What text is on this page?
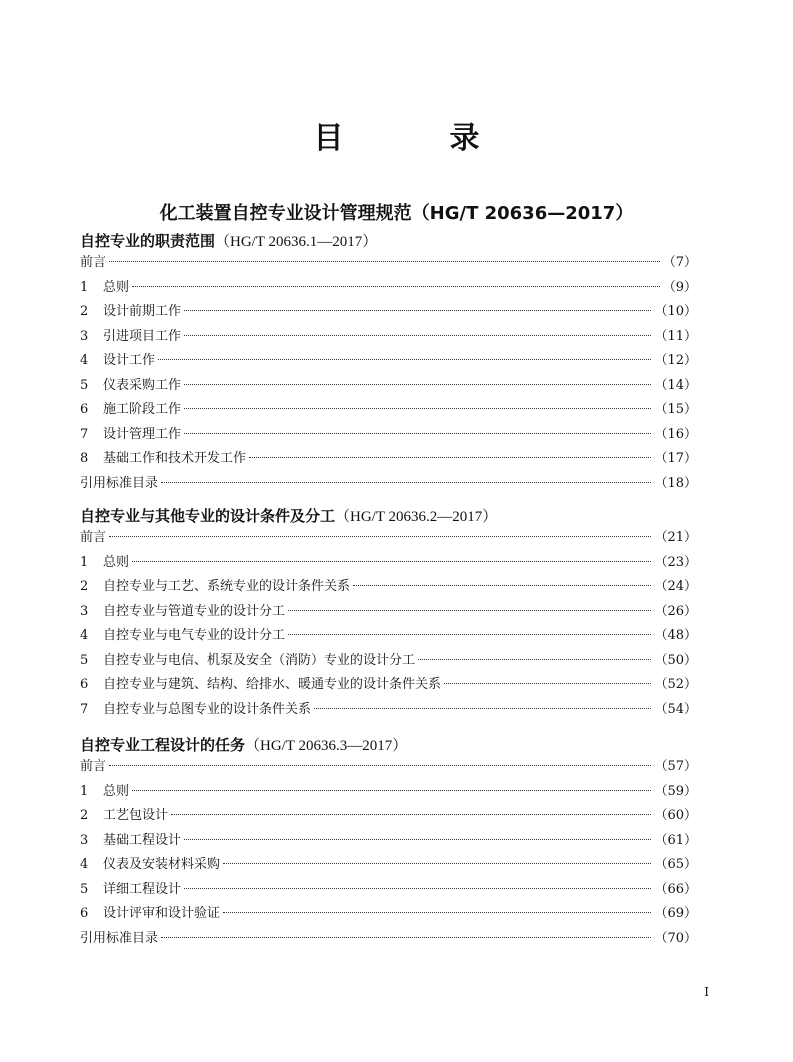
目　录
化工装置自控专业设计管理规范（HG/T 20636—2017）
自控专业的职责范围（HG/T 20636.1—2017）
前言	（7）
1	总则	（9）
2	设计前期工作	（10）
3	引进项目工作	（11）
4	设计工作	（12）
5	仪表采购工作	（14）
6	施工阶段工作	（15）
7	设计管理工作	（16）
8	基础工作和技术开发工作	（17）
引用标准目录	（18）
自控专业与其他专业的设计条件及分工（HG/T 20636.2—2017）
前言	（21）
1	总则	（23）
2	自控专业与工艺、系统专业的设计条件关系	（24）
3	自控专业与管道专业的设计分工	（26）
4	自控专业与电气专业的设计分工	（48）
5	自控专业与电信、机泵及安全（消防）专业的设计分工	（50）
6	自控专业与建筑、结构、给排水、暖通专业的设计条件关系	（52）
7	自控专业与总图专业的设计条件关系	（54）
自控专业工程设计的任务（HG/T 20636.3—2017）
前言	（57）
1	总则	（59）
2	工艺包设计	（60）
3	基础工程设计	（61）
4	仪表及安装材料采购	（65）
5	详细工程设计	（66）
6	设计评审和设计验证	（69）
引用标准目录	（70）
I
